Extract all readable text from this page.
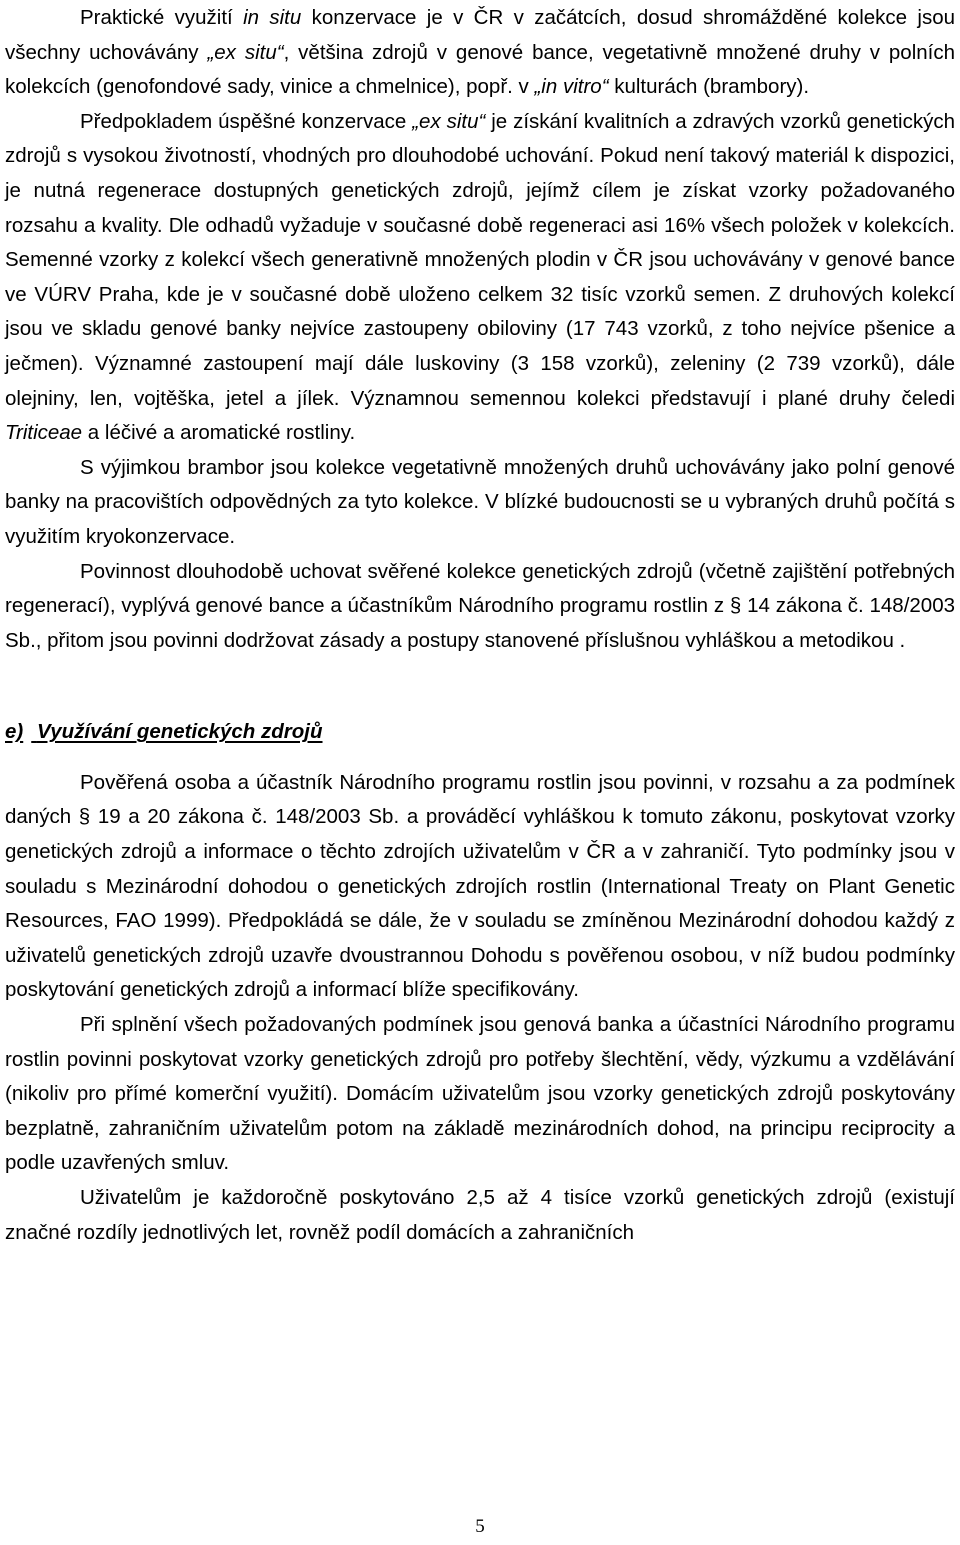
Praktické využití in situ konzervace je v ČR v začátcích, dosud shromážděné kolekce jsou všechny uchovávány „ex situ“, většina zdrojů v genové bance, vegetativně množené druhy v polních kolekcích (genofondové sady, vinice a chmelnice), popř. v „in vitro“ kulturách (brambory).

Předpokladem úspěšné konzervace „ex situ“ je získání kvalitních a zdravých vzorků genetických zdrojů s vysokou životností, vhodných pro dlouhodobé uchování. Pokud není takový materiál k dispozici, je nutná regenerace dostupných genetických zdrojů, jejímž cílem je získat vzorky požadovaného rozsahu a kvality. Dle odhadů vyžaduje v současné době regeneraci asi 16% všech položek v kolekcích. Semenné vzorky z kolekcí všech generativně množených plodin v ČR jsou uchovávány v genové bance ve VÚRV Praha, kde je v současné době uloženo celkem 32 tisíc vzorků semen. Z druhových kolekcí jsou ve skladu genové banky nejvíce zastoupeny obiloviny (17 743 vzorků, z toho nejvíce pšenice a ječmen). Významné zastoupení mají dále luskoviny (3 158 vzorků), zeleniny (2 739 vzorků), dále olejniny, len, vojtěška, jetel a jílek. Významnou semennou kolekci představují i plané druhy čeledi Triticeae a léčivé a aromatické rostliny.

S výjimkou brambor jsou kolekce vegetativně množených druhů uchovávány jako polní genové banky na pracovištích odpovědných za tyto kolekce. V blízké budoucnosti se u vybraných druhů počítá s využitím kryokonzervace.

Povinnost dlouhodobě uchovat svěřené kolekce genetických zdrojů (včetně zajištění potřebných regenerací), vyplývá genové bance a účastníkům Národního programu rostlin z § 14 zákona č. 148/2003 Sb., přitom jsou povinni dodržovat zásady a postupy stanovené příslušnou vyhláškou a metodikou .

e) Využívání genetických zdrojů

Pověřená osoba a účastník Národního programu rostlin jsou povinni, v rozsahu a za podmínek daných § 19 a 20 zákona č. 148/2003 Sb. a prováděcí vyhláškou k tomuto zákonu, poskytovat vzorky genetických zdrojů a informace o těchto zdrojích uživatelům v ČR a v zahraničí. Tyto podmínky jsou v souladu s Mezinárodní dohodou o genetických zdrojích rostlin (International Treaty on Plant Genetic Resources, FAO 1999). Předpokládá se dále, že v souladu se zmíněnou Mezinárodní dohodou každý z uživatelů genetických zdrojů uzavře dvoustrannou Dohodu s pověřenou osobou, v níž budou podmínky poskytování genetických zdrojů a informací blíže specifikovány.

Při splnění všech požadovaných podmínek jsou genová banka a účastníci Národního programu rostlin povinni poskytovat vzorky genetických zdrojů pro potřeby šlechtění, vědy, výzkumu a vzdělávání (nikoliv pro přímé komerční využití). Domácím uživatelům jsou vzorky genetických zdrojů poskytovány bezplatně, zahraničním uživatelům potom na základě mezinárodních dohod, na principu reciprocity a podle uzavřených smluv.

Uživatelům je každoročně poskytováno 2,5 až 4 tisíce vzorků genetických zdrojů (existují značné rozdíly jednotlivých let, rovněž podíl domácích a zahraničních

5
